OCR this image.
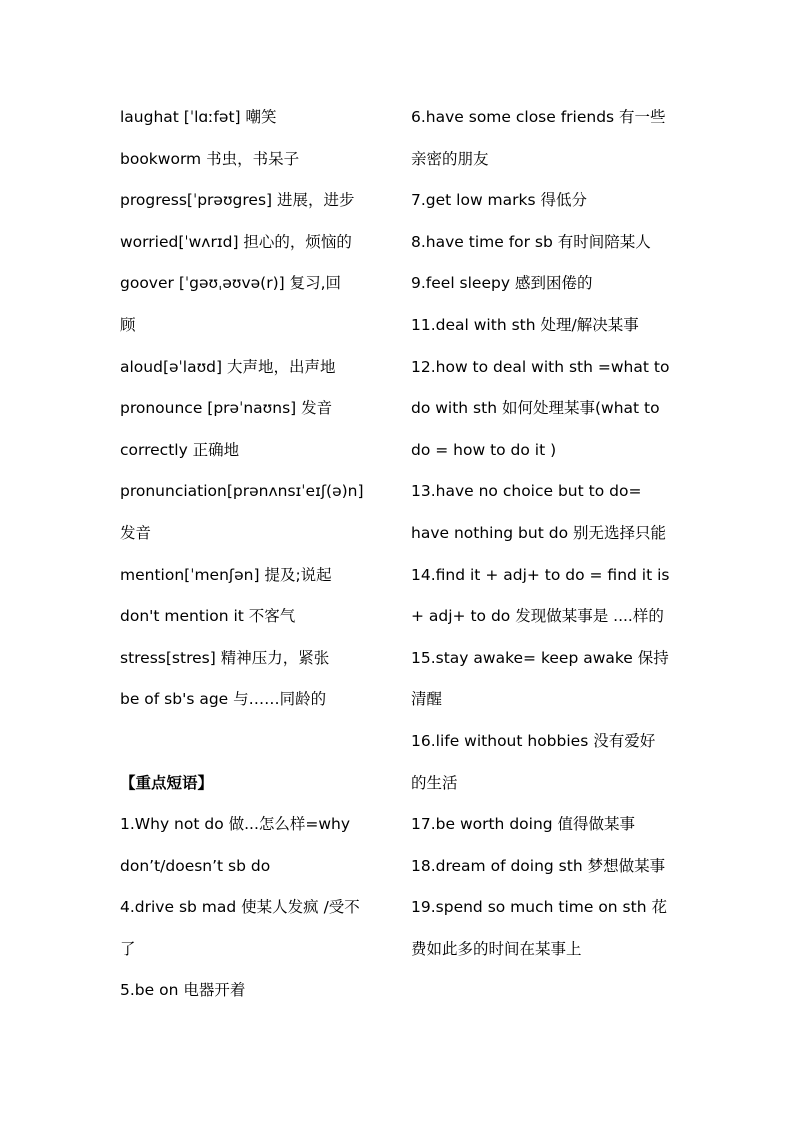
laughat [ˈlɑːfət] 嘲笑
bookworm 书虫，书呆子
progress[ˈprəʊgres] 进展，进步
worried[ˈwʌrɪd] 担心的，烦恼的
goover [ˈgəʊˌəʊvə(r)] 复习,回
顾
aloud[əˈlaʊd] 大声地，出声地
pronounce [prəˈnaʊns] 发音
correctly 正确地
pronunciation[prənʌnsɪˈeɪʃ(ə)n]
发音
mention[ˈmenʃən] 提及;说起
don't mention it 不客气
stress[stres] 精神压力，紧张
be of sb's age 与……同龄的
【重点短语】
1.Why not do 做...怎么样=why
don’t/doesn’t sb do
4.drive sb mad 使某人发疯 /受不
了
5.be on 电器开着
6.have some close friends 有一些
亲密的朋友
7.get low marks 得低分
8.have time for sb 有时间陪某人
9.feel sleepy 感到困倦的
11.deal with sth 处理/解决某事
12.how to deal with sth =what to
do with sth 如何处理某事(what to
do = how to do it )
13.have no choice but to do=
have nothing but do 别无选择只能
14.find it + adj+ to do = find it is
+ adj+ to do 发现做某事是 ....样的
15.stay awake= keep awake 保持
清醒
16.life without hobbies 没有爱好
的生活
17.be worth doing 值得做某事
18.dream of doing sth 梦想做某事
19.spend so much time on sth 花
费如此多的时间在某事上
